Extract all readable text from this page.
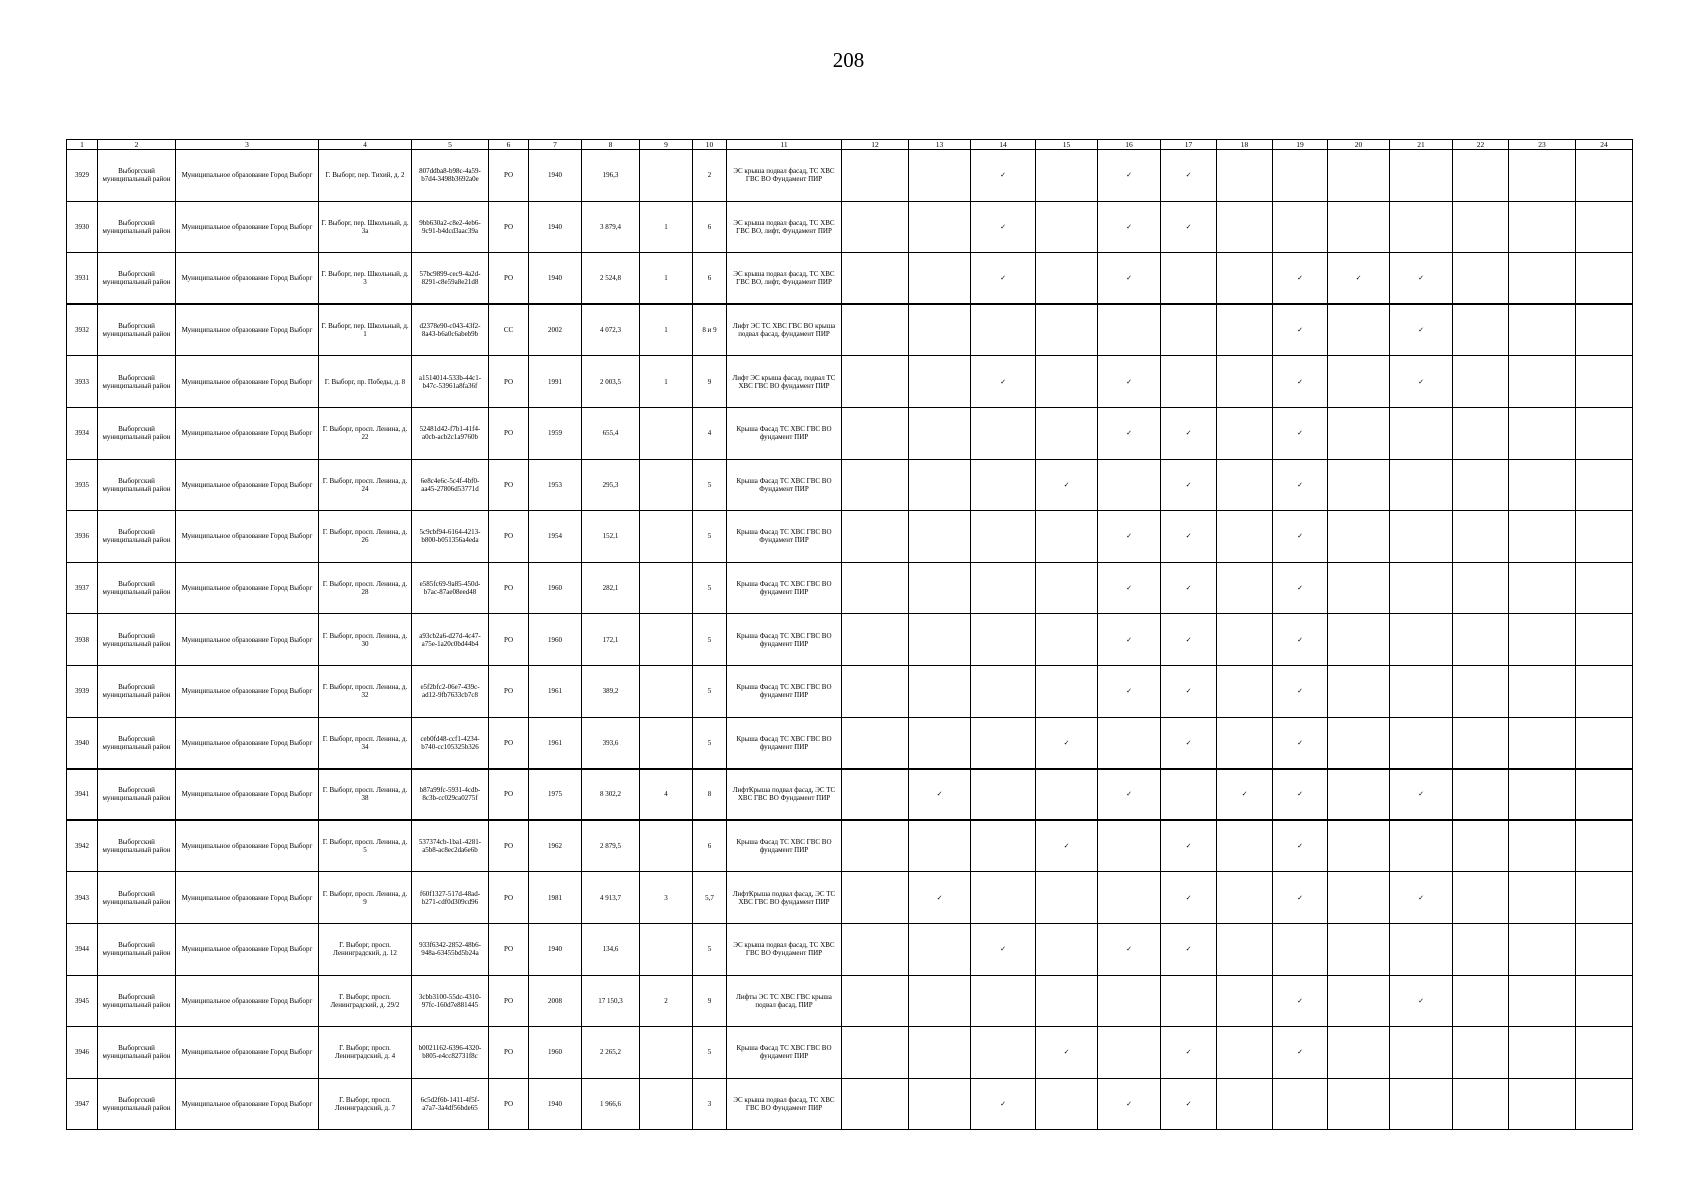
208
1	2	3	4	5	6	7	8	9	10	11	12	13	14	15	16	17	18	19	20	21	22	23	24
3929	Выборгский муниципальный район	Муниципальное образование Город Выборг	Г. Выборг, пер. Тихий, д. 2	807ddba8-b98c-4a59-b7d4-3498b3692a0e	РО	1940	196,3		2	ЭС крыша подвал фасад, ТС ХВС ГВС ВО Фундамент ПИР			✓		✓	✓							
3930	Выборгский муниципальный район	Муниципальное образование Город Выборг	Г. Выборг, пер. Школьный, д. 3а	9bb630a2-c8e2-4eb6-9c91-b4dcd3aac39a	РО	1940	3 879,4	1	6	ЭС крыша подвал фасад, ТС ХВС ГВС ВО, лифт, Фундамент ПИР			✓		✓	✓							
3931	Выборгский муниципальный район	Муниципальное образование Город Выборг	Г. Выборг, пер. Школьный, д. 3	57bc9899-cec9-4a2d-8291-c8e59a8e21d8	РО	1940	2 524,8	1	6	ЭС крыша подвал фасад, ТС ХВС ГВС ВО, лифт, Фундамент ПИР			✓		✓			✓	✓	✓			
3932	Выборгский муниципальный район	Муниципальное образование Город Выборг	Г. Выборг, пер. Школьный, д. 1	d2378e90-c043-43f2-8a43-b6a0c6abeb9b	СС	2002	4 072,3	1	8 и 9	Лифт ЭС ТС ХВС ГВС ВО крыша подвал фасад, фундамент ПИР								✓		✓			
3933	Выборгский муниципальный район	Муниципальное образование Город Выборг	Г. Выборг, пр. Победы, д. 8	a1514014-533b-44c1-b47c-53961a8fa36f	РО	1991	2 003,5	1	9	Лифт ЭС крыша фасад, подвал ТС ХВС ГВС ВО фундамент ПИР			✓		✓			✓		✓			
3934	Выборгский муниципальный район	Муниципальное образование Город Выборг	Г. Выборг, просп. Ленина, д. 22	52481d42-f7b1-41f4-a0cb-acb2c1a9760b	РО	1959	655,4		4	Крыша Фасад ТС ХВС ГВС ВО фундамент ПИР					✓	✓		✓					
3935	Выборгский муниципальный район	Муниципальное образование Город Выборг	Г. Выборг, просп. Ленина, д. 24	6e8c4e6c-5c4f-4bf0-aa45-27806d53771d	РО	1953	295,3		5	Крыша Фасад ТС ХВС ГВС ВО Фундамент ПИР				✓		✓		✓					
3936	Выборгский муниципальный район	Муниципальное образование Город Выборг	Г. Выборг, просп. Ленина, д. 26	5c9cbf94-6164-4213-b800-b051356a4eda	РО	1954	152,1		5	Крыша Фасад ТС ХВС ГВС ВО Фундамент ПИР					✓	✓		✓					
3937	Выборгский муниципальный район	Муниципальное образование Город Выборг	Г. Выборг, просп. Ленина, д. 28	e585fc69-9a85-450d-b7ac-87ae08eed48	РО	1960	282,1		5	Крыша Фасад ТС ХВС ГВС ВО фундамент ПИР					✓	✓		✓					
3938	Выборгский муниципальный район	Муниципальное образование Город Выборг	Г. Выборг, просп. Ленина, д. 30	a93cb2a6-d27d-4c47-a75e-1a20c0bd44b4	РО	1960	172,1		5	Крыша Фасад ТС ХВС ГВС ВО фундамент ПИР					✓	✓		✓					
3939	Выборгский муниципальный район	Муниципальное образование Город Выборг	Г. Выборг, просп. Ленина, д. 32	e5f2bfc2-06e7-439c-ad12-9fb7633cb7c8	РО	1961	389,2		5	Крыша Фасад ТС ХВС ГВС ВО фундамент ПИР					✓	✓		✓					
3940	Выборгский муниципальный район	Муниципальное образование Город Выборг	Г. Выборг, просп. Ленина, д. 34	ceb0fd48-ccf1-4234-b740-cc105325b326	РО	1961	393,6		5	Крыша Фасад ТС ХВС ГВС ВО фундамент ПИР				✓		✓		✓					
3941	Выборгский муниципальный район	Муниципальное образование Город Выборг	Г. Выборг, просп. Ленина, д. 38	b87a99fc-5931-4cdb-8c3b-cc029ca0275f	РО	1975	8 302,2	4	8	ЛифтКрыша подвал фасад, ЭС ТС ХВС ГВС ВО Фундамент ПИР		✓			✓		✓	✓		✓			
3942	Выборгский муниципальный район	Муниципальное образование Город Выборг	Г. Выборг, просп. Ленина, д. 5	537374cb-1ba1-4281-a5b8-ac8ec2da6e6b	РО	1962	2 879,5		6	Крыша Фасад ТС ХВС ГВС ВО фундамент ПИР				✓		✓		✓					
3943	Выборгский муниципальный район	Муниципальное образование Город Выборг	Г. Выборг, просп. Ленина, д. 9	f60f1327-517d-48ad-b271-cdf0d309cd96	РО	1981	4 913,7	3	5,7	ЛифтКрыша подвал фасад, ЭС ТС ХВС ГВС ВО фундамент ПИР		✓				✓		✓		✓			
3944	Выборгский муниципальный район	Муниципальное образование Город Выборг	Г. Выборг, просп. Ленинградский, д. 12	933f6342-2852-48b6-948a-63455bd5b24a	РО	1940	134,6		5	ЭС крыша подвал фасад, ТС ХВС ГВС ВО Фундамент ПИР			✓		✓	✓							
3945	Выборгский муниципальный район	Муниципальное образование Город Выборг	Г. Выборг, просп. Ленинградский, д. 29/2	3cbb3100-55dc-4310-97fc-160d7e881445	РО	2008	17 150,3	2	9	Лифты ЭС ТС ХВС ГВС крыша подвал фасад, ПИР								✓		✓			
3946	Выборгский муниципальный район	Муниципальное образование Город Выборг	Г. Выборг, просп. Ленинградский, д. 4	b0021162-6396-4320-b805-e4cc82731f8c	РО	1960	2 265,2		5	Крыша Фасад ТС ХВС ГВС ВО фундамент ПИР				✓		✓		✓					
3947	Выборгский муниципальный район	Муниципальное образование Город Выборг	Г. Выборг, просп. Ленинградский, д. 7	6c5d2f6b-1411-4f5f-a7a7-3a4df56bde65	РО	1940	1 966,6		3	ЭС крыша подвал фасад, ТС ХВС ГВС ВО Фундамент ПИР			✓		✓	✓							
